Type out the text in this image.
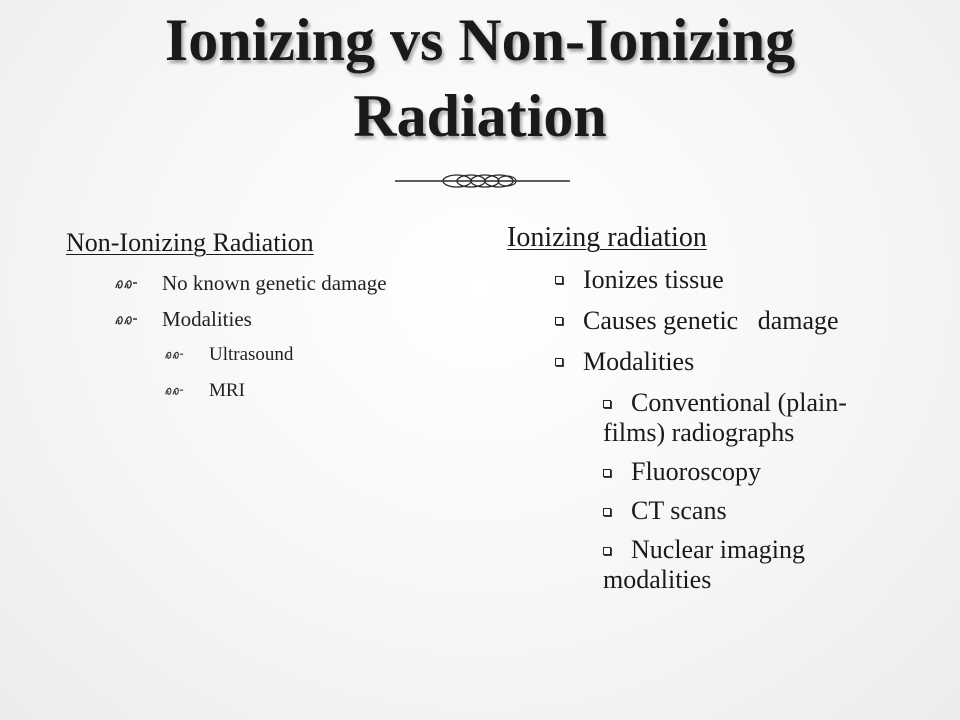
Ionizing vs Non-Ionizing
Radiation
Non-Ionizing Radiation
No known genetic damage
Modalities
Ultrasound
MRI
Ionizing radiation
Ionizes tissue
Causes genetic   damage
Modalities
Conventional (plain-
films) radiographs
Fluoroscopy
CT scans
Nuclear imaging
modalities
